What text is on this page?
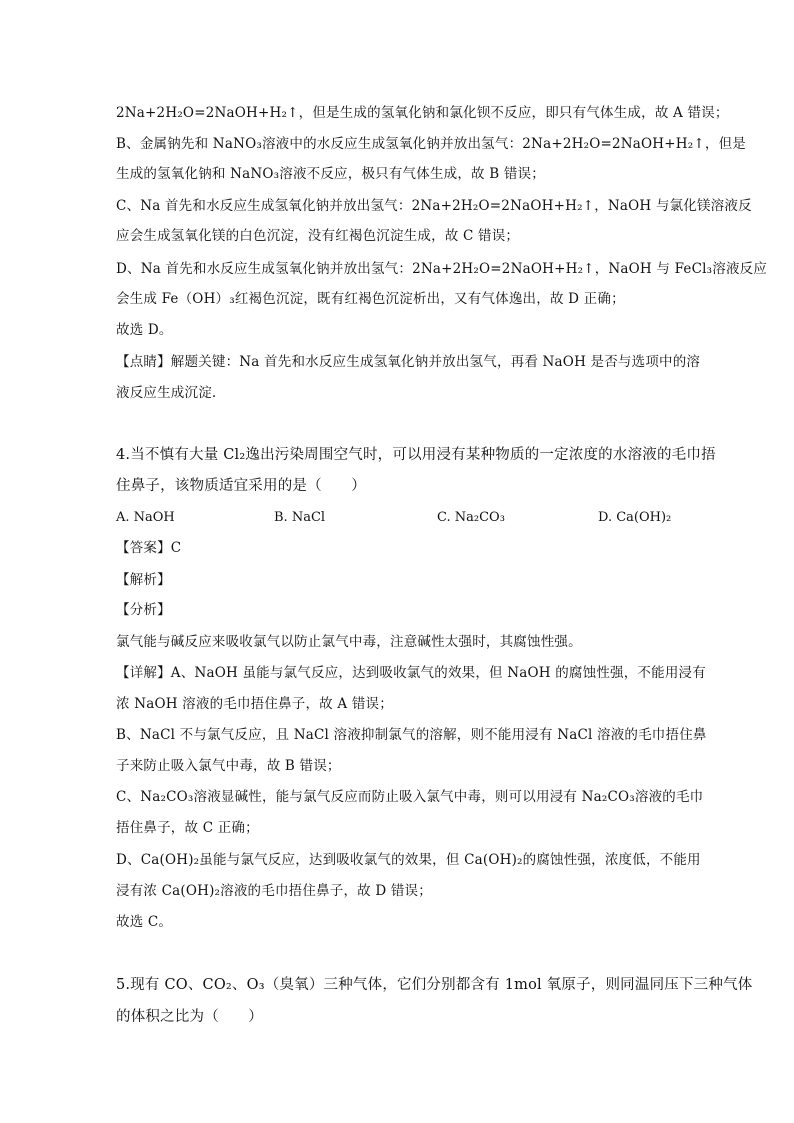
2Na+2H₂O=2NaOH+H₂↑，但是生成的氢氧化钠和氯化钡不反应，即只有气体生成，故 A 错误；
B、金属钠先和 NaNO₃溶液中的水反应生成氢氧化钠并放出氢气：2Na+2H₂O=2NaOH+H₂↑，但是
生成的氢氧化钠和 NaNO₃溶液不反应，极只有气体生成，故 B 错误；
C、Na 首先和水反应生成氢氧化钠并放出氢气：2Na+2H₂O=2NaOH+H₂↑，NaOH 与氯化镁溶液反
应会生成氢氧化镁的白色沉淀，没有红褐色沉淀生成，故 C 错误；
D、Na 首先和水反应生成氢氧化钠并放出氢气：2Na+2H₂O=2NaOH+H₂↑，NaOH 与 FeCl₃溶液反应
会生成 Fe（OH）₃红褐色沉淀，既有红褐色沉淀析出，又有气体逸出，故 D 正确；
故选 D。
【点睛】解题关键：Na 首先和水反应生成氢氧化钠并放出氢气，再看 NaOH 是否与选项中的溶
液反应生成沉淀.
4.当不慎有大量 Cl₂逸出污染周围空气时，可以用浸有某种物质的一定浓度的水溶液的毛巾捂
住鼻子，该物质适宜采用的是（　　）
A. NaOH	B. NaCl	C. Na₂CO₃	D. Ca(OH)₂
【答案】C
【解析】
【分析】
氯气能与碱反应来吸收氯气以防止氯气中毒，注意碱性太强时，其腐蚀性强。
【详解】A、NaOH 虽能与氯气反应，达到吸收氯气的效果，但 NaOH 的腐蚀性强，不能用浸有
浓 NaOH 溶液的毛巾捂住鼻子，故 A 错误；
B、NaCl 不与氯气反应，且 NaCl 溶液抑制氯气的溶解，则不能用浸有 NaCl 溶液的毛巾捂住鼻
子来防止吸入氯气中毒，故 B 错误；
C、Na₂CO₃溶液显碱性，能与氯气反应而防止吸入氯气中毒，则可以用浸有 Na₂CO₃溶液的毛巾
捂住鼻子，故 C 正确；
D、Ca(OH)₂虽能与氯气反应，达到吸收氯气的效果，但 Ca(OH)₂的腐蚀性强，浓度低，不能用
浸有浓 Ca(OH)₂溶液的毛巾捂住鼻子，故 D 错误；
故选 C。
5.现有 CO、CO₂、O₃（臭氧）三种气体，它们分别都含有 1mol 氧原子，则同温同压下三种气体
的体积之比为（　　）
